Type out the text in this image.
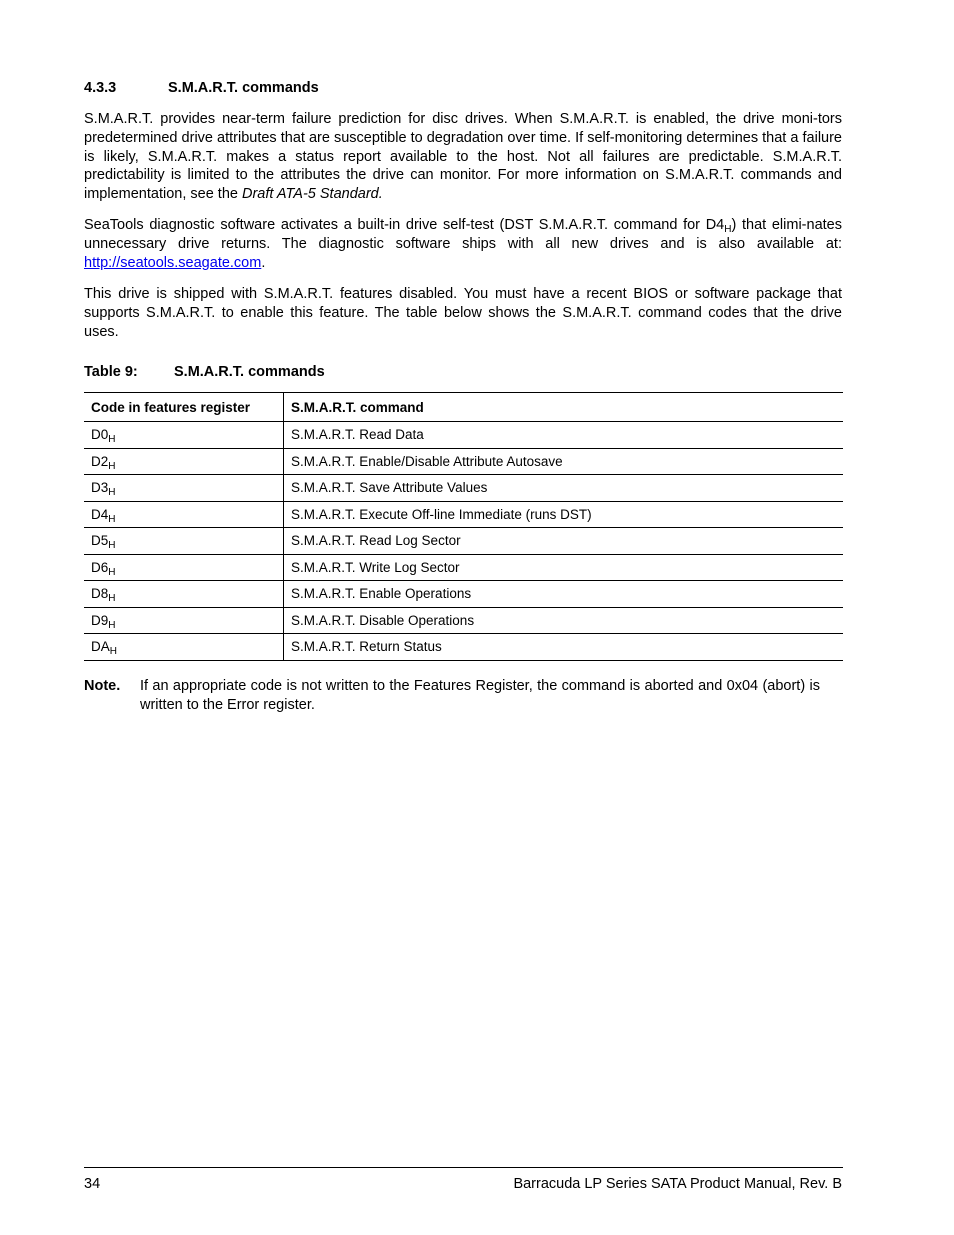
4.3.3	S.M.A.R.T. commands

S.M.A.R.T. provides near-term failure prediction for disc drives. When S.M.A.R.T. is enabled, the drive moni-tors predetermined drive attributes that are susceptible to degradation over time. If self-monitoring determines that a failure is likely, S.M.A.R.T. makes a status report available to the host. Not all failures are predictable. S.M.A.R.T. predictability is limited to the attributes the drive can monitor. For more information on S.M.A.R.T. commands and implementation, see the Draft ATA-5 Standard.

SeaTools diagnostic software activates a built-in drive self-test (DST S.M.A.R.T. command for $D4_H$) that elimi-nates unnecessary drive returns. The diagnostic software ships with all new drives and is also available at: http://seatools.seagate.com.

This drive is shipped with S.M.A.R.T. features disabled. You must have a recent BIOS or software package that supports S.M.A.R.T. to enable this feature. The table below shows the S.M.A.R.T. command codes that the drive uses.

Table 9:	S.M.A.R.T. commands
Code in features register	S.M.A.R.T. command
$D0_H$	S.M.A.R.T. Read Data
$D2_H$	S.M.A.R.T. Enable/Disable Attribute Autosave
$D3_H$	S.M.A.R.T. Save Attribute Values
$D4_H$	S.M.A.R.T. Execute Off-line Immediate (runs DST)
$D5_H$	S.M.A.R.T. Read Log Sector
$D6_H$	S.M.A.R.T. Write Log Sector
$D8_H$	S.M.A.R.T. Enable Operations
$D9_H$	S.M.A.R.T. Disable Operations
$DA_H$	S.M.A.R.T. Return Status
Note. If an appropriate code is not written to the Features Register, the command is aborted and 0x04 (abort) is written to the Error register.
34	Barracuda LP Series SATA Product Manual, Rev. B
